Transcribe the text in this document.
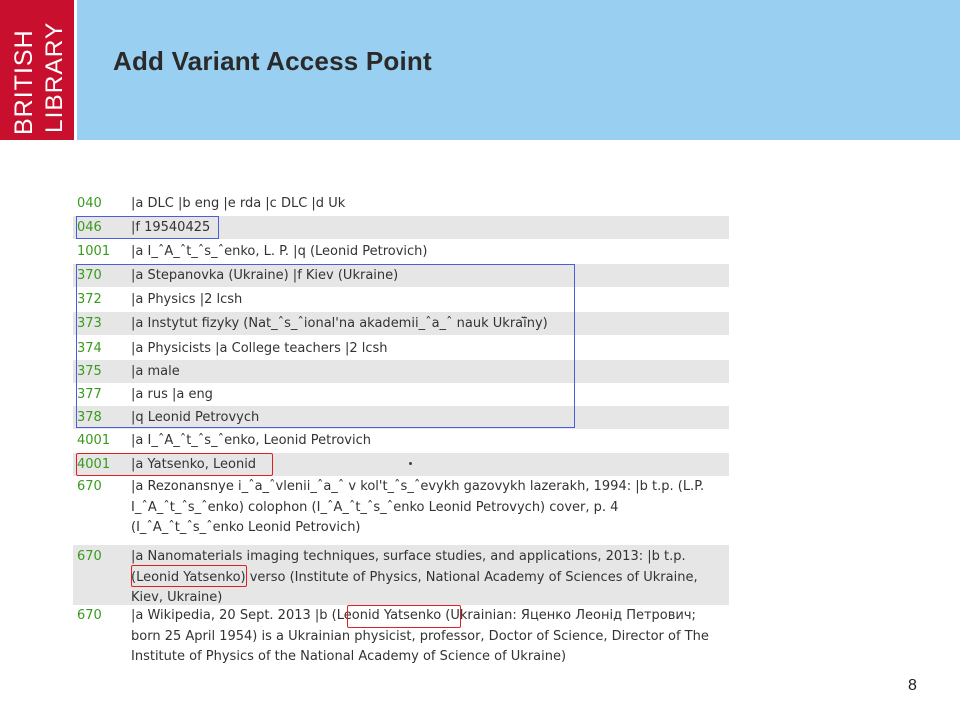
BRITISH LIBRARY Add Variant Access Point
040 |a DLC |b eng |e rda |c DLC |d Uk
046 |f 19540425
1001 |a I_ˆA_ˆt_ˆs_ˆenko, L. P. |q (Leonid Petrovich)
370 |a Stepanovka (Ukraine) |f Kiev (Ukraine)
372 |a Physics |2 lcsh
373 |a Instytut fizyky (Nat_ˆs_ˆional'na akademii_ˆa_ˆ nauk Ukraï̈ny)
374 |a Physicists |a College teachers |2 lcsh
375 |a male
377 |a rus |a eng
378 |q Leonid Petrovych
4001 |a I_ˆA_ˆt_ˆs_ˆenko, Leonid Petrovich
4001 |a Yatsenko, Leonid
670 |a Rezonansnye i_ˆa_ˆvlenii_ˆa_ˆ v kol't_ˆs_ˆevykh gazovykh lazerakh, 1994: |b t.p. (L.P. I_ˆA_ˆt_ˆs_ˆenko) colophon (I_ˆA_ˆt_ˆs_ˆenko Leonid Petrovych) cover, p. 4 (I_ˆA_ˆt_ˆs_ˆenko Leonid Petrovich)
670 |a Nanomaterials imaging techniques, surface studies, and applications, 2013: |b t.p. (Leonid Yatsenko) verso (Institute of Physics, National Academy of Sciences of Ukraine, Kiev, Ukraine)
670 |a Wikipedia, 20 Sept. 2013 |b (Leonid Yatsenko (Ukrainian: Яценко Леонід Петрович; born 25 April 1954) is a Ukrainian physicist, professor, Doctor of Science, Director of The Institute of Physics of the National Academy of Science of Ukraine)
8
